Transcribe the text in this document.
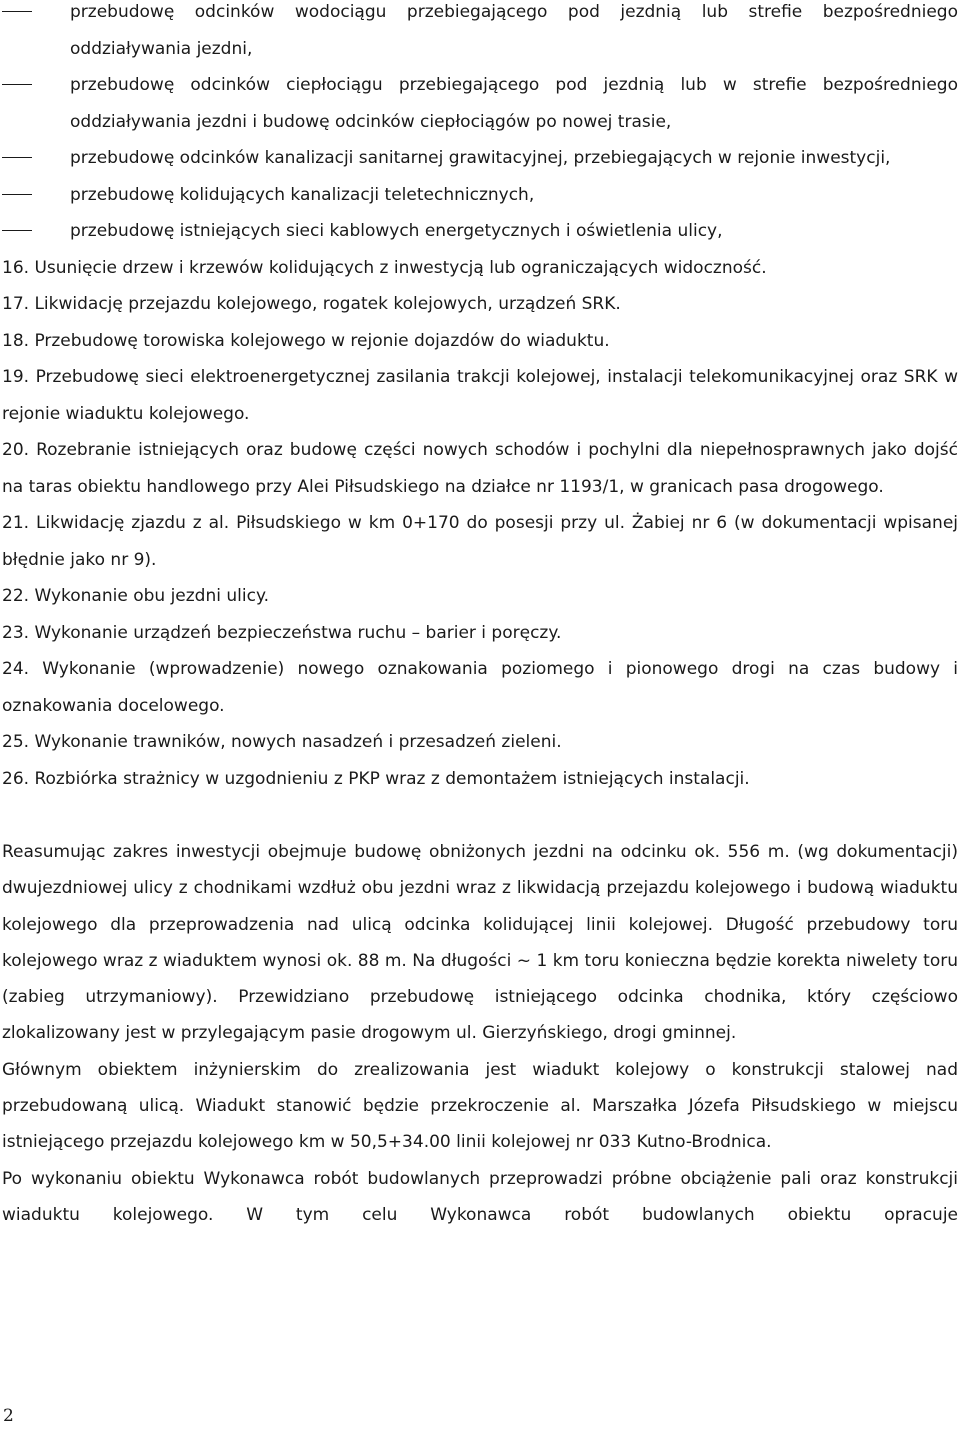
przebudowę odcinków wodociągu przebiegającego pod jezdnią lub strefie bezpośredniego oddziaływania jezdni,

przebudowę odcinków ciepłociągu przebiegającego pod jezdnią lub w strefie bezpośredniego oddziaływania jezdni i budowę odcinków ciepłociągów po nowej trasie,

przebudowę odcinków kanalizacji sanitarnej grawitacyjnej, przebiegających w rejonie inwestycji,

przebudowę kolidujących kanalizacji teletechnicznych,

przebudowę istniejących sieci kablowych energetycznych i oświetlenia ulicy,

16. Usunięcie drzew i krzewów kolidujących z inwestycją lub ograniczających widoczność.

17. Likwidację przejazdu kolejowego, rogatek kolejowych, urządzeń SRK.

18. Przebudowę torowiska kolejowego w rejonie dojazdów do wiaduktu.

19. Przebudowę sieci elektroenergetycznej zasilania trakcji kolejowej, instalacji telekomunikacyjnej oraz SRK w rejonie wiaduktu kolejowego.

20. Rozebranie istniejących oraz budowę części nowych schodów i pochylni dla niepełnosprawnych jako dojść na taras obiektu handlowego przy Alei Piłsudskiego na działce nr 1193/1, w granicach pasa drogowego.

21. Likwidację zjazdu z al. Piłsudskiego w km 0+170 do posesji przy ul. Żabiej nr 6 (w dokumentacji wpisanej błędnie jako nr 9).

22. Wykonanie obu jezdni ulicy.

23. Wykonanie urządzeń bezpieczeństwa ruchu – barier i poręczy.

24. Wykonanie (wprowadzenie) nowego oznakowania poziomego i pionowego drogi na czas budowy i oznakowania docelowego.

25. Wykonanie trawników, nowych nasadzeń i przesadzeń zieleni.

26. Rozbiórka strażnicy w uzgodnieniu z PKP wraz z demontażem istniejących instalacji.

Reasumując zakres inwestycji obejmuje budowę obniżonych jezdni na odcinku ok. 556 m. (wg dokumentacji) dwujezdniowej ulicy z chodnikami wzdłuż obu jezdni wraz z likwidacją przejazdu kolejowego i budową wiaduktu kolejowego dla przeprowadzenia nad ulicą odcinka kolidującej linii kolejowej. Długość przebudowy toru kolejowego wraz z wiaduktem wynosi ok. 88 m. Na długości ~ 1 km toru konieczna będzie korekta niwelety toru (zabieg utrzymaniowy). Przewidziano przebudowę istniejącego odcinka chodnika, który częściowo zlokalizowany jest w przylegającym pasie drogowym ul. Gierzyńskiego, drogi gminnej.

Głównym obiektem inżynierskim do zrealizowania jest wiadukt kolejowy o konstrukcji stalowej nad przebudowaną ulicą. Wiadukt stanowić będzie przekroczenie al. Marszałka Józefa Piłsudskiego w miejscu istniejącego przejazdu kolejowego km w 50,5+34.00 linii kolejowej nr 033 Kutno-Brodnica.

Po wykonaniu obiektu Wykonawca robót budowlanych przeprowadzi próbne obciążenie pali oraz konstrukcji wiaduktu kolejowego. W tym celu Wykonawca robót budowlanych obiektu opracuje

2
